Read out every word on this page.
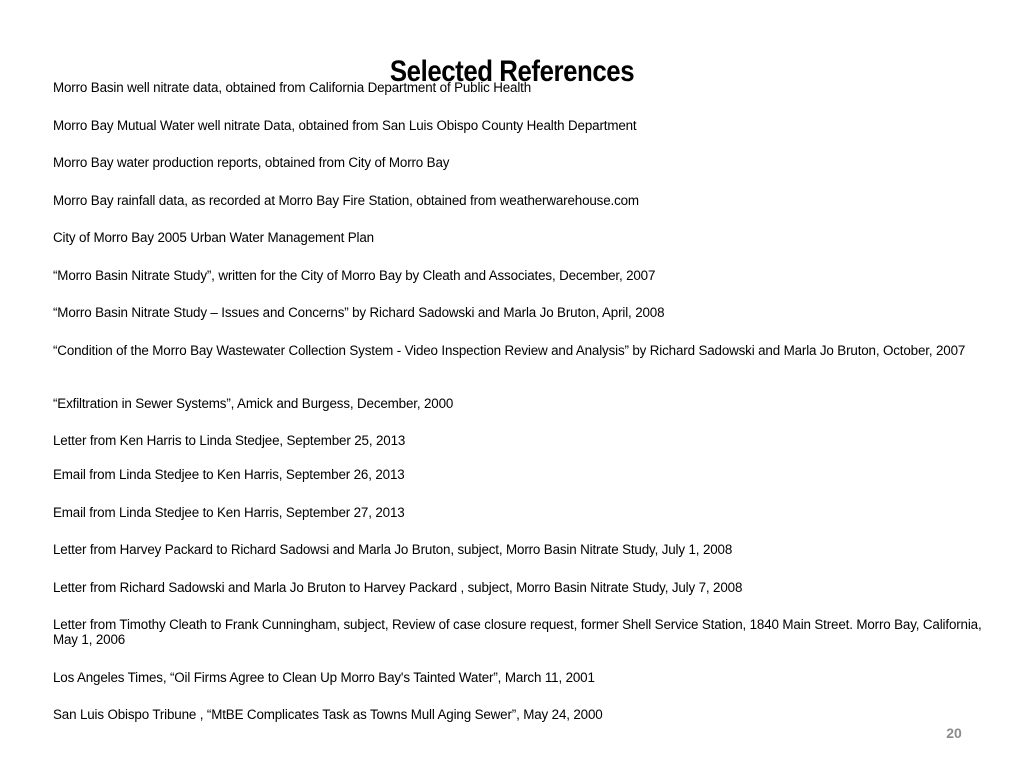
Selected References
Morro Basin well nitrate data, obtained from California Department of Public Health
Morro Bay Mutual Water well nitrate Data, obtained from San Luis Obispo County Health Department
Morro Bay water production reports, obtained from City of Morro Bay
Morro Bay rainfall data, as recorded at Morro Bay Fire Station, obtained from weatherwarehouse.com
City of Morro Bay 2005 Urban Water Management Plan
“Morro Basin Nitrate Study”, written for the City of Morro Bay by Cleath and Associates, December, 2007
“Morro Basin Nitrate Study – Issues and Concerns” by Richard Sadowski and Marla Jo Bruton, April, 2008
“Condition of the Morro Bay Wastewater Collection System - Video Inspection Review and Analysis” by Richard Sadowski and Marla Jo Bruton, October, 2007
“Exfiltration in Sewer Systems”, Amick and Burgess, December, 2000
Letter from Ken Harris to Linda Stedjee, September 25, 2013
Email from Linda Stedjee to Ken Harris, September 26, 2013
Email from Linda Stedjee to Ken Harris, September 27, 2013
Letter from Harvey Packard to Richard Sadowsi and Marla Jo Bruton, subject, Morro Basin Nitrate Study, July 1, 2008
Letter from Richard Sadowski and Marla Jo Bruton to Harvey Packard , subject, Morro Basin Nitrate Study, July 7, 2008
Letter from Timothy Cleath to Frank Cunningham, subject, Review of case closure request, former Shell Service Station, 1840 Main Street. Morro Bay, California, May 1, 2006
Los Angeles Times, “Oil Firms Agree to Clean Up Morro Bay's Tainted Water”, March 11, 2001
San Luis Obispo Tribune , “MtBE Complicates Task as Towns Mull Aging Sewer”, May 24, 2000
20
